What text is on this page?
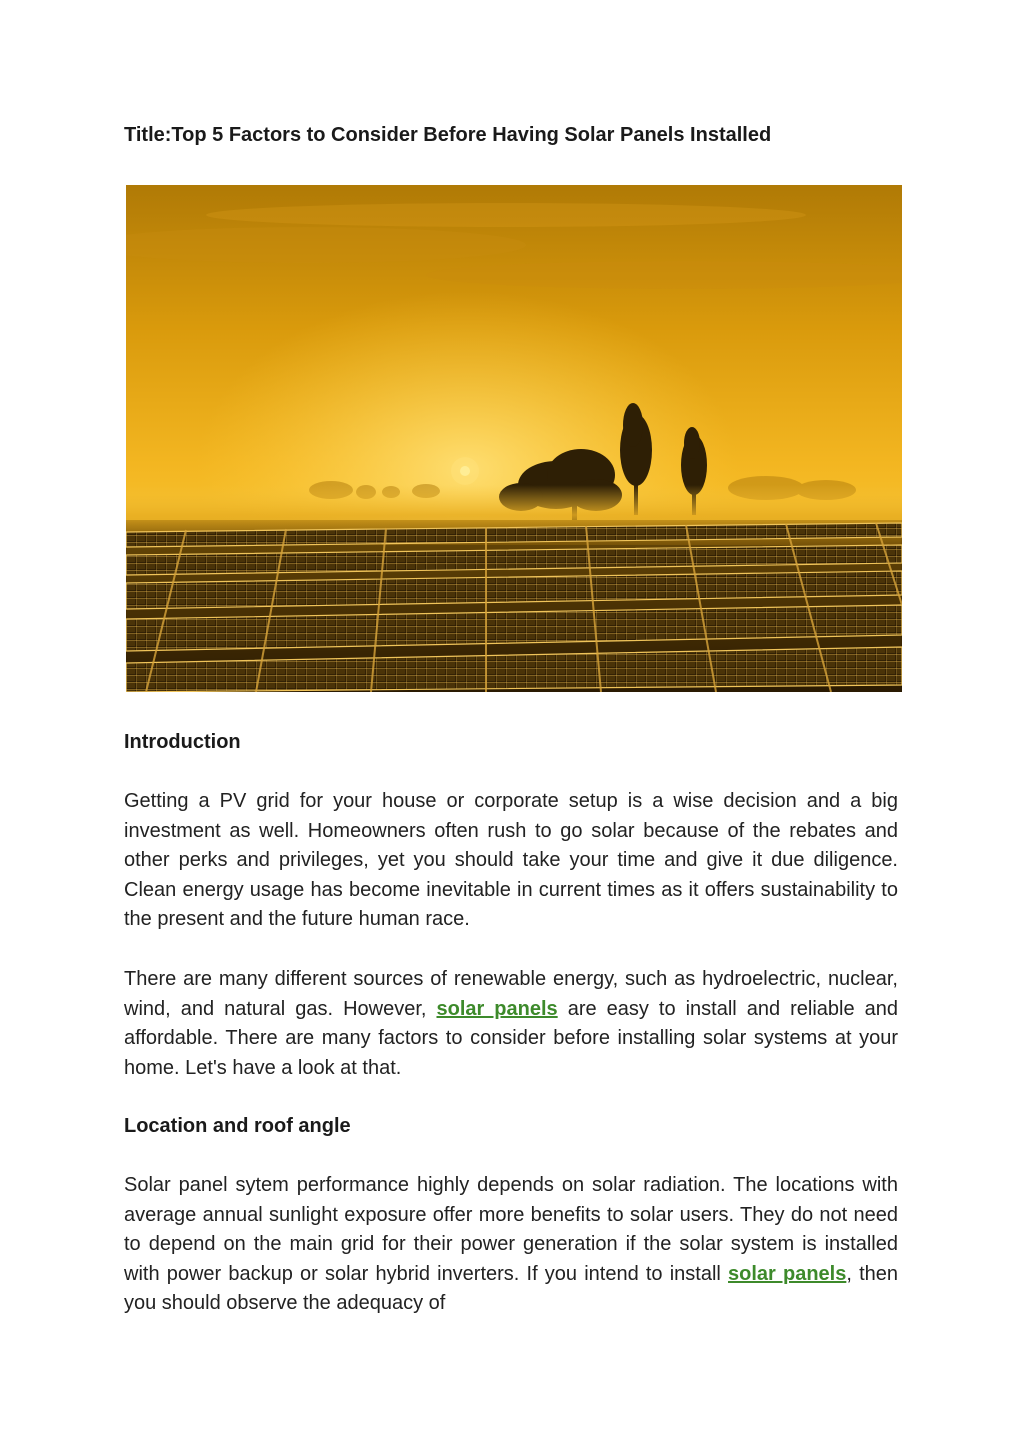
Title:Top 5 Factors to Consider Before Having Solar Panels Installed
Introduction

Getting a PV grid for your house or corporate setup is a wise decision and a big investment as well. Homeowners often rush to go solar because of the rebates and other perks and privileges, yet you should take your time and give it due diligence. Clean energy usage has become inevitable in current times as it offers sustainability to the present and the future human race.

There are many different sources of renewable energy, such as hydroelectric, nuclear, wind, and natural gas. However, solar panels are easy to install and reliable and affordable. There are many factors to consider before installing solar systems at your home. Let's have a look at that.

Location and roof angle

Solar panel sytem performance highly depends on solar radiation. The locations with average annual sunlight exposure offer more benefits to solar users. They do not need to depend on the main grid for their power generation if the solar system is installed with power backup or solar hybrid inverters. If you intend to install solar panels, then you should observe the adequacy of
